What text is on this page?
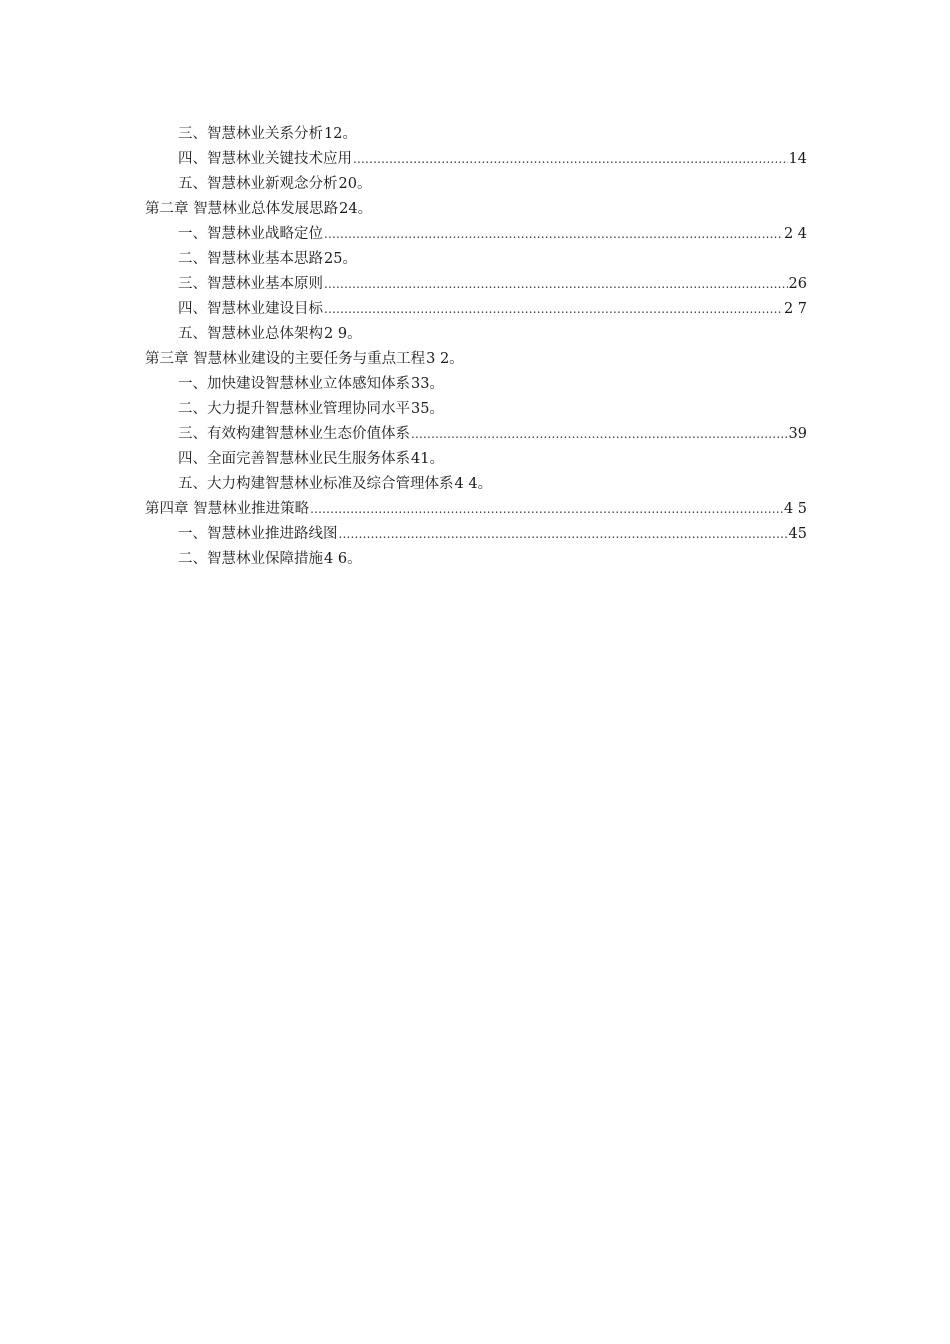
三、智慧林业关系分析 12 。
四、智慧林业关键技术应用 .....	14
五、智慧林业新观念分析 20 。
第二章 智慧林业总体发展思路 24 。
一、智慧林业战略定位 .....	2 4
二、智慧林业基本思路 25 。
三、智慧林业基本原则 .....	26
四、智慧林业建设目标 .....	2 7
五、智慧林业总体架构 2 9 。
第三章 智慧林业建设的主要任务与重点工程 3 2 。
一、加快建设智慧林业立体感知体系 33 。
二、大力提升智慧林业管理协同水平 35 。
三、有效构建智慧林业生态价值体系 .....	39
四、全面完善智慧林业民生服务体系 41 。
五、大力构建智慧林业标准及综合管理体系 4 4 。
第四章 智慧林业推进策略 .....	4 5
一、智慧林业推进路线图 .....	45
二、智慧林业保障措施 4 6 。
